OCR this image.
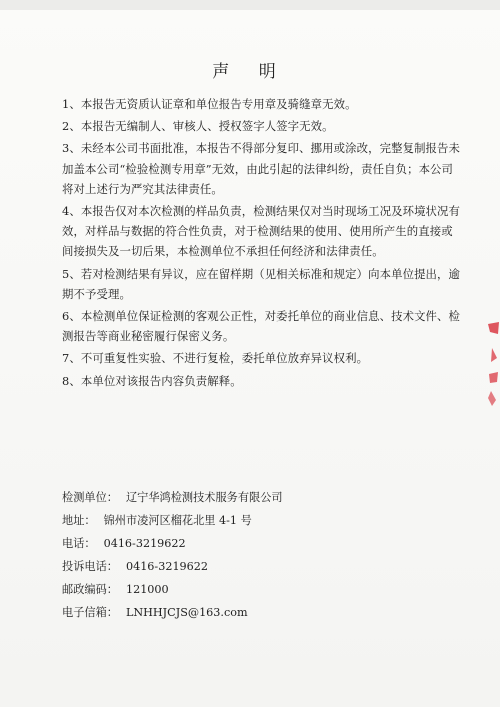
声 明
1、本报告无资质认证章和单位报告专用章及骑缝章无效。
2、本报告无编制人、审核人、授权签字人签字无效。
3、未经本公司书面批准，本报告不得部分复印、挪用或涂改，完整复制报告未加盖本公司“检验检测专用章”无效，由此引起的法律纠纷，责任自负；本公司将对上述行为严究其法律责任。
4、本报告仅对本次检测的样品负责，检测结果仅对当时现场工况及环境状况有效，对样品与数据的符合性负责，对于检测结果的使用、使用所产生的直接或间接损失及一切后果，本检测单位不承担任何经济和法律责任。
5、若对检测结果有异议，应在留样期（见相关标准和规定）向本单位提出，逾期不予受理。
6、本检测单位保证检测的客观公正性，对委托单位的商业信息、技术文件、检测报告等商业秘密履行保密义务。
7、不可重复性实验、不进行复检，委托单位放弃异议权利。
8、本单位对该报告内容负责解释。
检测单位： 辽宁华鸿检测技术服务有限公司
地址： 锦州市凌河区榴花北里 4-1 号
电话： 0416-3219622
投诉电话： 0416-3219622
邮政编码： 121000
电子信箱： LNHHJCJS@163.com
